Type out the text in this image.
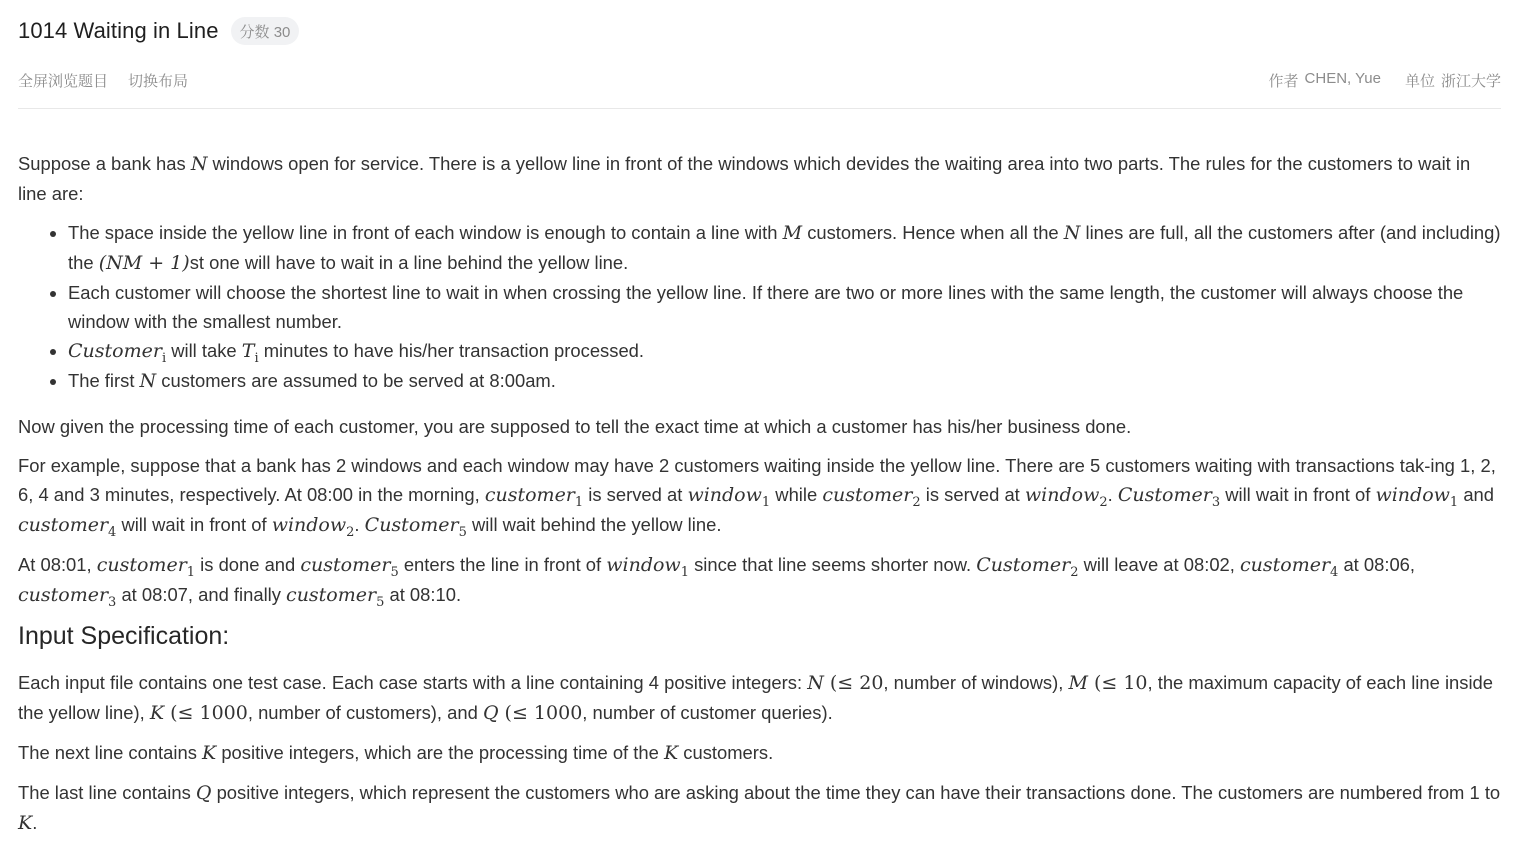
1014 Waiting in Line	分数 30
全屏浏览题目 切换布局	作者 CHEN, Yue 单位 浙江大学

Suppose a bank has N windows open for service. There is a yellow line in front of the windows which devides the waiting area into two parts. The rules for the customers to wait in line are:

• The space inside the yellow line in front of each window is enough to contain a line with M customers. Hence when all the N lines are full, all the customers after (and including) the (NM + 1)st one will have to wait in a line behind the yellow line.
• Each customer will choose the shortest line to wait in when crossing the yellow line. If there are two or more lines with the same length, the customer will always choose the window with the smallest number.
• Customer$_i$ will take $T_i$ minutes to have his/her transaction processed.
• The first N customers are assumed to be served at 8:00am.

Now given the processing time of each customer, you are supposed to tell the exact time at which a customer has his/her business done.

For example, suppose that a bank has 2 windows and each window may have 2 customers waiting inside the yellow line. There are 5 customers waiting with transactions tak-ing 1, 2, 6, 4 and 3 minutes, respectively. At 08:00 in the morning, customer$_1$ is served at window$_1$ while customer$_2$ is served at window$_2$. Customer$_3$ will wait in front of window$_1$ and customer$_4$ will wait in front of window$_2$. Customer$_5$ will wait behind the yellow line.

At 08:01, customer$_1$ is done and customer$_5$ enters the line in front of window$_1$ since that line seems shorter now. Customer$_2$ will leave at 08:02, customer$_4$ at 08:06, customer$_3$ at 08:07, and finally customer$_5$ at 08:10.

Input Specification:

Each input file contains one test case. Each case starts with a line containing 4 positive integers: N (≤ 20, number of windows), M (≤ 10, the maximum capacity of each line inside the yellow line), K (≤ 1000, number of customers), and Q (≤ 1000, number of customer queries).

The next line contains K positive integers, which are the processing time of the K customers.

The last line contains Q positive integers, which represent the customers who are asking about the time they can have their transactions done. The customers are numbered from 1 to K.
